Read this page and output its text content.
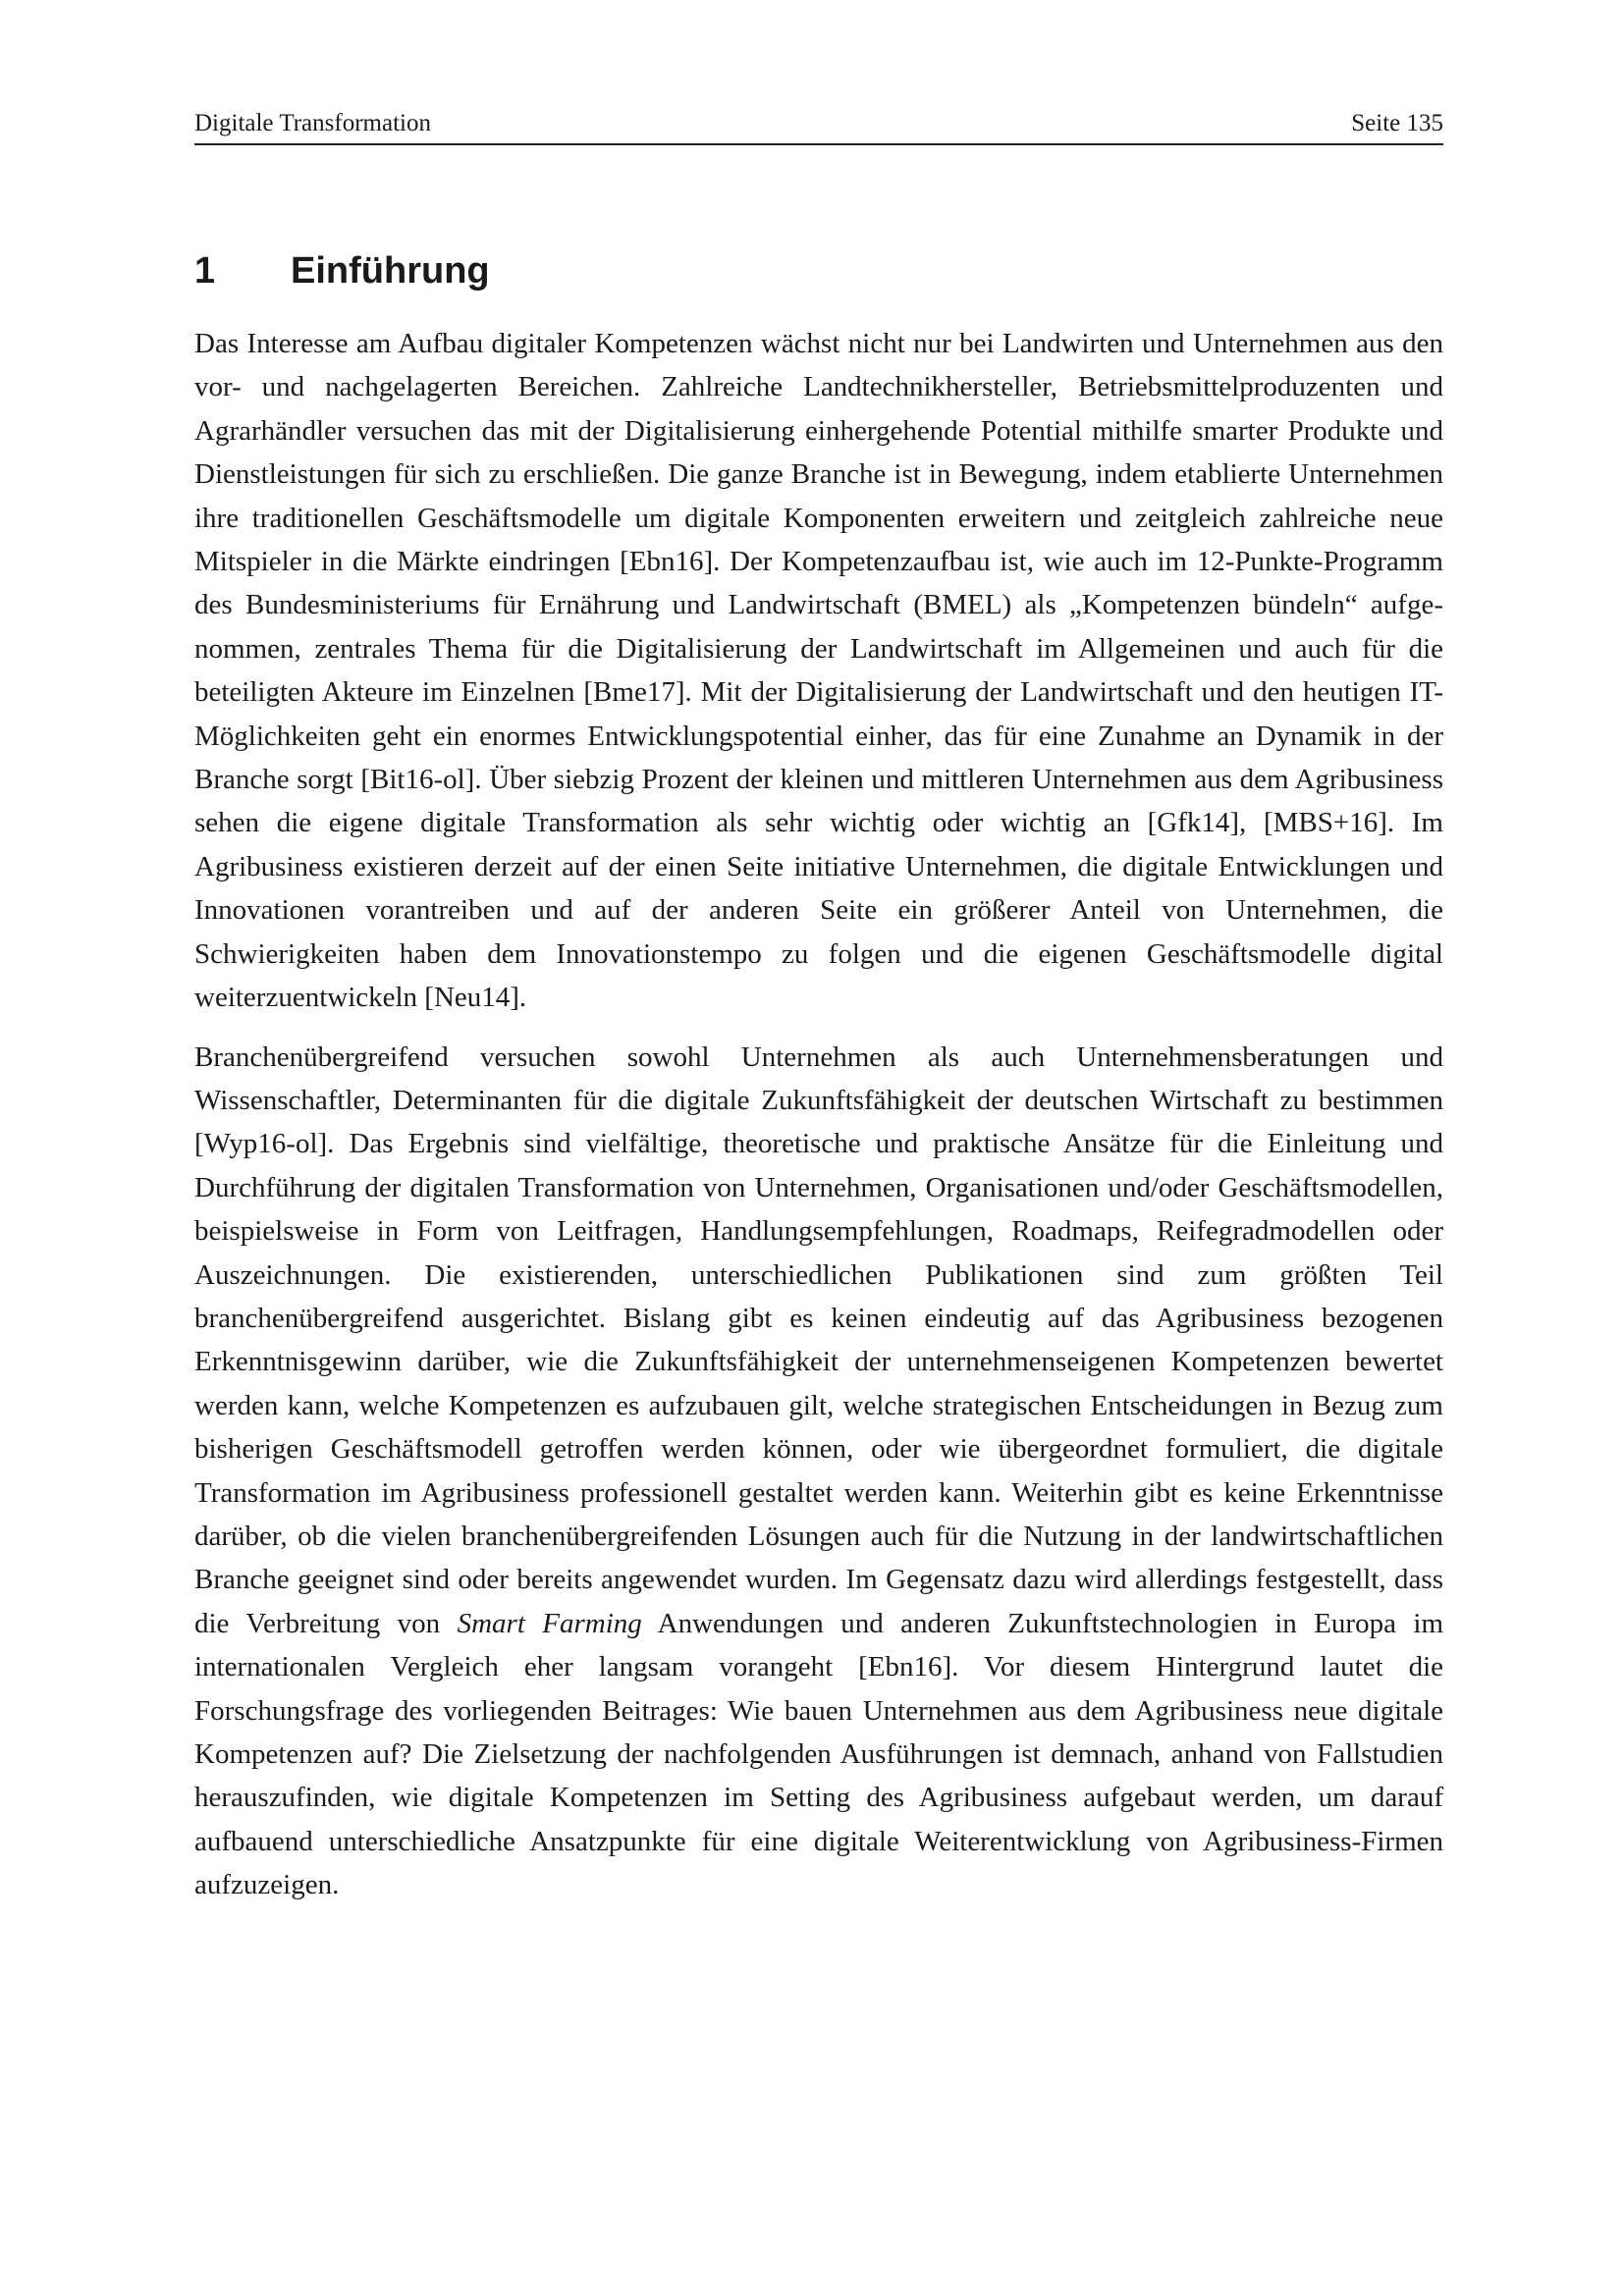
Digitale Transformation	Seite 135
1	Einführung

Das Interesse am Aufbau digitaler Kompetenzen wächst nicht nur bei Landwirten und Unternehmen aus den vor- und nachgelagerten Bereichen. Zahlreiche Landtechnikhersteller, Betriebsmittelproduzenten und Agrarhändler versuchen das mit der Digitalisierung einhergehende Potential mithilfe smarter Produkte und Dienstleistungen für sich zu erschließen. Die ganze Branche ist in Bewegung, indem etablierte Unternehmen ihre traditionellen Geschäftsmodelle um digitale Komponenten erweitern und zeitgleich zahlreiche neue Mitspieler in die Märkte eindringen [Ebn16]. Der Kompetenzaufbau ist, wie auch im 12-Punkte-Programm des Bundesministeriums für Ernährung und Landwirtschaft (BMEL) als „Kompetenzen bündeln“ aufgenommen, zentrales Thema für die Digitalisierung der Landwirtschaft im Allgemeinen und auch für die beteiligten Akteure im Einzelnen [Bme17]. Mit der Digitalisierung der Landwirtschaft und den heutigen IT-Möglichkeiten geht ein enormes Entwicklungspotential einher, das für eine Zunahme an Dynamik in der Branche sorgt [Bit16-ol]. Über siebzig Prozent der kleinen und mittleren Unternehmen aus dem Agribusiness sehen die eigene digitale Transformation als sehr wichtig oder wichtig an [Gfk14], [MBS+16]. Im Agribusiness existieren derzeit auf der einen Seite initiative Unternehmen, die digitale Entwicklungen und Innovationen vorantreiben und auf der anderen Seite ein größerer Anteil von Unternehmen, die Schwierigkeiten haben dem Innovationstempo zu folgen und die eigenen Geschäftsmodelle digital weiterzuentwickeln [Neu14].

Branchenübergreifend versuchen sowohl Unternehmen als auch Unternehmensberatungen und Wissenschaftler, Determinanten für die digitale Zukunftsfähigkeit der deutschen Wirtschaft zu bestimmen [Wyp16-ol]. Das Ergebnis sind vielfältige, theoretische und praktische Ansätze für die Einleitung und Durchführung der digitalen Transformation von Unternehmen, Organisationen und/oder Geschäftsmodellen, beispielsweise in Form von Leitfragen, Handlungsempfehlungen, Roadmaps, Reifegradmodellen oder Auszeichnungen. Die existierenden, unterschiedlichen Publikationen sind zum größten Teil branchenübergreifend ausgerichtet. Bislang gibt es keinen eindeutig auf das Agribusiness bezogenen Erkenntnisgewinn darüber, wie die Zukunftsfähigkeit der unternehmenseigenen Kompetenzen bewertet werden kann, welche Kompetenzen es aufzubauen gilt, welche strategischen Entscheidungen in Bezug zum bisherigen Geschäftsmodell getroffen werden können, oder wie übergeordnet formuliert, die digitale Transformation im Agribusiness professionell gestaltet werden kann. Weiterhin gibt es keine Erkenntnisse darüber, ob die vielen branchenübergreifenden Lösungen auch für die Nutzung in der landwirtschaftlichen Branche geeignet sind oder bereits angewendet wurden. Im Gegensatz dazu wird allerdings festgestellt, dass die Verbreitung von Smart Farming Anwendungen und anderen Zukunftstechnologien in Europa im internationalen Vergleich eher langsam vorangeht [Ebn16]. Vor diesem Hintergrund lautet die Forschungsfrage des vorliegenden Beitrages: Wie bauen Unternehmen aus dem Agribusiness neue digitale Kompetenzen auf? Die Zielsetzung der nachfolgenden Ausführungen ist demnach, anhand von Fallstudien herauszufinden, wie digitale Kompetenzen im Setting des Agribusiness aufgebaut werden, um darauf aufbauend unterschiedliche Ansatzpunkte für eine digitale Weiterentwicklung von Agribusiness-Firmen aufzuzeigen.
